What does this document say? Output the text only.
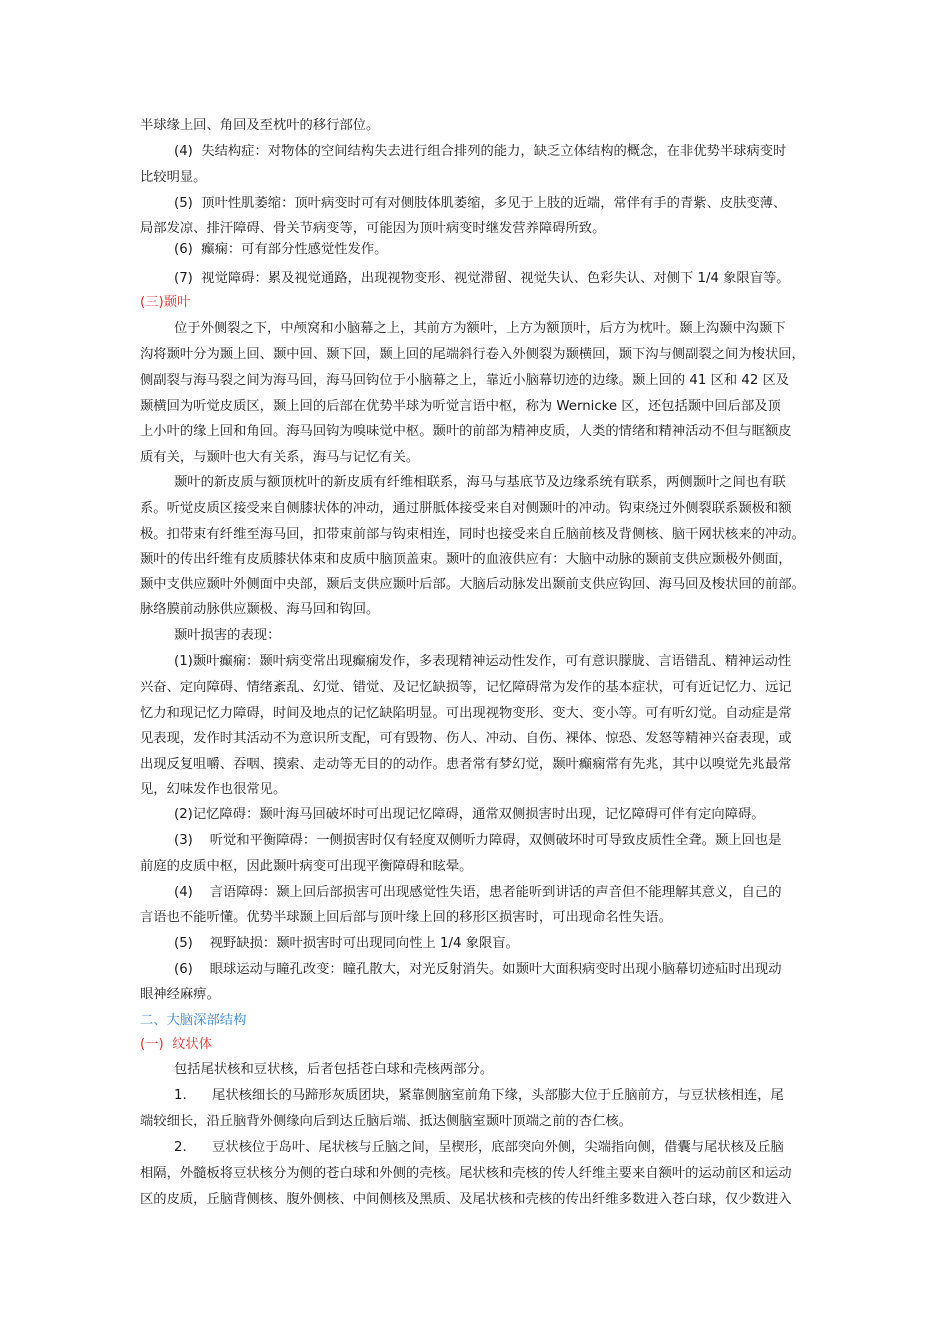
半球缘上回、角回及至枕叶的移行部位。
(4)  失结构症：对物体的空间结构失去进行组合排列的能力，缺乏立体结构的概念，在非优势半球病变时
比较明显。
(5)  顶叶性肌萎缩：顶叶病变时可有对侧肢体肌萎缩，多见于上肢的近端，常伴有手的青紫、皮肤变薄、
局部发凉、排汗障碍、骨关节病变等，可能因为顶叶病变时继发营养障碍所致。
(6)  癫痫：可有部分性感觉性发作。
(7)  视觉障碍：累及视觉通路，出现视物变形、视觉滞留、视觉失认、色彩失认、对侧下 1/4 象限盲等。
(三)颞叶
位于外侧裂之下，中颅窝和小脑幕之上，其前方为额叶，上方为额顶叶，后方为枕叶。颞上沟颞中沟颞下
沟将颞叶分为颞上回、颞中回、颞下回，颞上回的尾端斜行卷入外侧裂为颞横回，颞下沟与侧副裂之间为梭状回，
侧副裂与海马裂之间为海马回，海马回钩位于小脑幕之上，靠近小脑幕切迹的边缘。颞上回的 41 区和 42 区及
颞横回为听觉皮质区，颞上回的后部在优势半球为听觉言语中枢，称为 Wernicke 区，还包括颞中回后部及顶
上小叶的缘上回和角回。海马回钩为嗅味觉中枢。颞叶的前部为精神皮质，人类的情绪和精神活动不但与眶额皮
质有关，与颞叶也大有关系，海马与记忆有关。
颞叶的新皮质与额顶枕叶的新皮质有纤维相联系，海马与基底节及边缘系统有联系，两侧颞叶之间也有联
系。听觉皮质区接受来自侧膝状体的冲动，通过胼胝体接受来自对侧颞叶的冲动。钩束绕过外侧裂联系颞极和额
极。扣带束有纤维至海马回，扣带束前部与钩束相连，同时也接受来自丘脑前核及背侧核、脑干网状核来的冲动。
颞叶的传出纤维有皮质膝状体束和皮质中脑顶盖束。颞叶的血液供应有：大脑中动脉的颞前支供应颞极外侧面，
颞中支供应颞叶外侧面中央部，颞后支供应颞叶后部。大脑后动脉发出颞前支供应钩回、海马回及梭状回的前部。
脉络膜前动脉供应颞极、海马回和钩回。
颞叶损害的表现：
(1)颞叶癫痫：颞叶病变常出现癫痫发作，多表现精神运动性发作，可有意识朦胧、言语错乱、精神运动性
兴奋、定向障碍、情绪紊乱、幻觉、错觉、及记忆缺损等，记忆障碍常为发作的基本症状，可有近记忆力、远记
忆力和现记忆力障碍，时间及地点的记忆缺陷明显。可出现视物变形、变大、变小等。可有听幻觉。自动症是常
见表现，发作时其活动不为意识所支配，可有毁物、伤人、冲动、自伤、裸体、惊恐、发怒等精神兴奋表现，或
出现反复咀嚼、吞咽、摸索、走动等无目的的动作。患者常有梦幻觉，颞叶癫痫常有先兆，其中以嗅觉先兆最常
见，幻味发作也很常见。
(2)记忆障碍：颞叶海马回破坏时可出现记忆障碍，通常双侧损害时出现，记忆障碍可伴有定向障碍。
(3)    听觉和平衡障碍：一侧损害时仅有轻度双侧听力障碍，双侧破坏时可导致皮质性全聋。颞上回也是
前庭的皮质中枢，因此颞叶病变可出现平衡障碍和眩晕。
(4)    言语障碍：颞上回后部损害可出现感觉性失语，患者能听到讲话的声音但不能理解其意义，自己的
言语也不能听懂。优势半球颞上回后部与顶叶缘上回的移形区损害时，可出现命名性失语。
(5)    视野缺损：颞叶损害时可出现同向性上 1/4 象限盲。
(6)    眼球运动与瞳孔改变：瞳孔散大，对光反射消失。如颞叶大面积病变时出现小脑幕切迹疝时出现动
眼神经麻痹。
二、大脑深部结构
(一)  纹状体
包括尾状核和豆状核，后者包括苍白球和壳核两部分。
1.      尾状核细长的马蹄形灰质团块，紧靠侧脑室前角下缘，头部膨大位于丘脑前方，与豆状核相连，尾
端较细长，沿丘脑背外侧缘向后到达丘脑后端、抵达侧脑室颞叶顶端之前的杏仁核。
2.      豆状核位于岛叶、尾状核与丘脑之间，呈楔形，底部突向外侧，尖端指向侧，借囊与尾状核及丘脑
相隔，外髓板将豆状核分为侧的苍白球和外侧的壳核。尾状核和壳核的传人纤维主要来自额叶的运动前区和运动
区的皮质，丘脑背侧核、腹外侧核、中间侧核及黑质、及尾状核和壳核的传出纤维多数进入苍白球，仅少数进入
